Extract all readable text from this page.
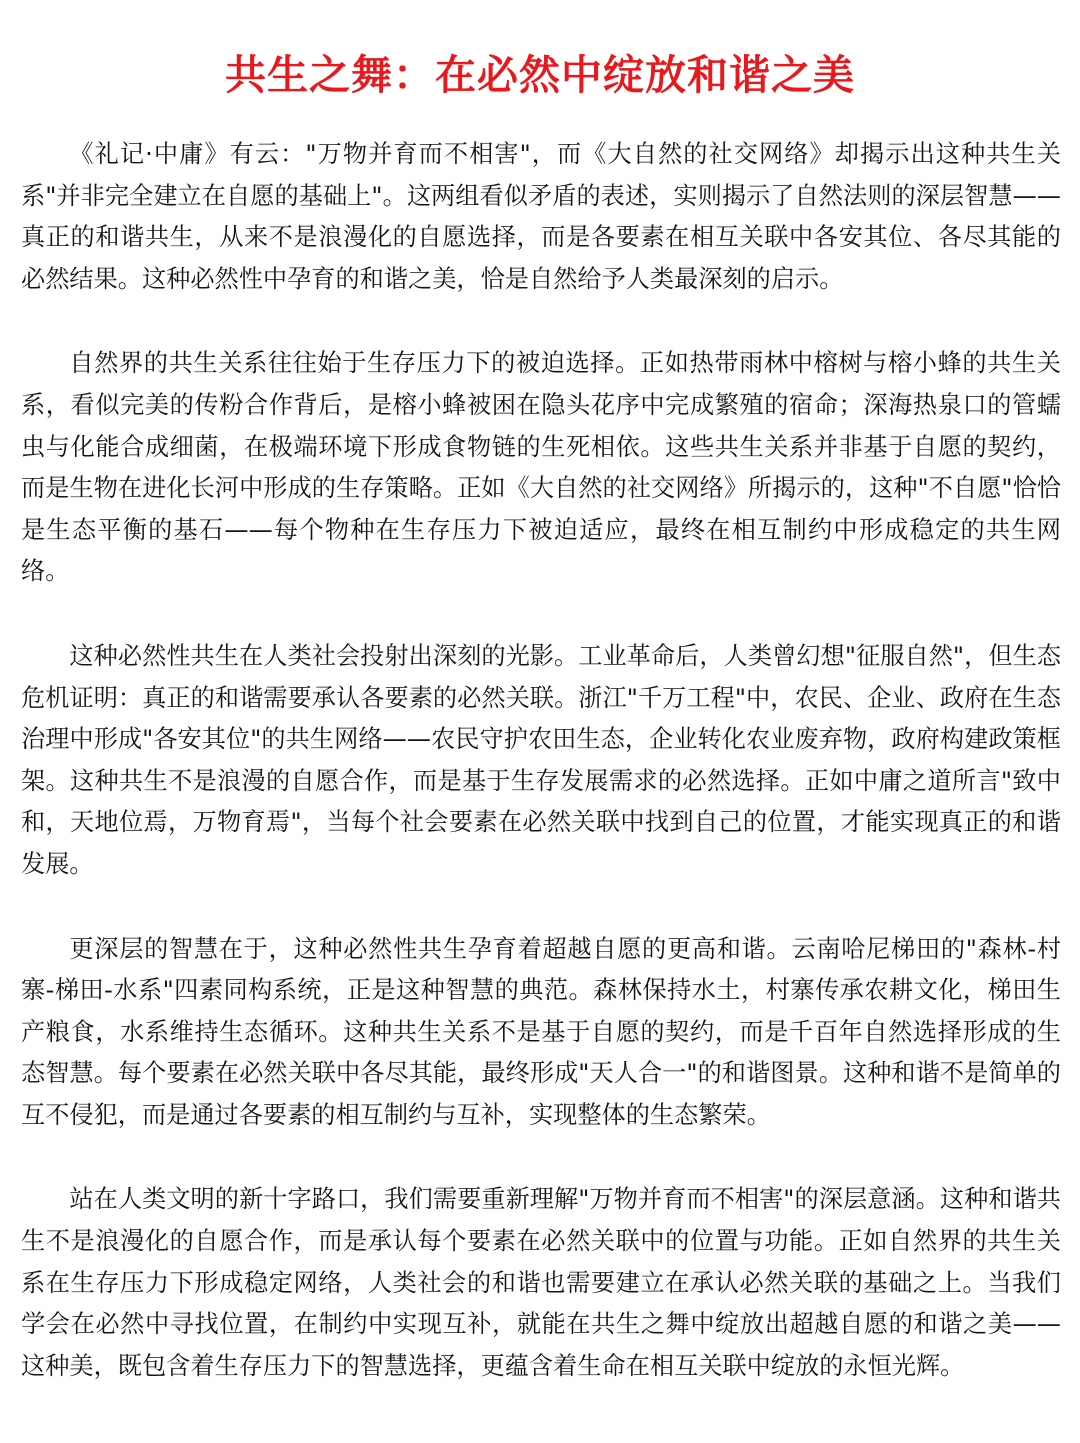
共生之舞：在必然中绽放和谐之美

《礼记·中庸》有云："万物并育而不相害"，而《大自然的社交网络》却揭示出这种共生关系"并非完全建立在自愿的基础上"。这两组看似矛盾的表述，实则揭示了自然法则的深层智慧——真正的和谐共生，从来不是浪漫化的自愿选择，而是各要素在相互关联中各安其位、各尽其能的必然结果。这种必然性中孕育的和谐之美，恰是自然给予人类最深刻的启示。

自然界的共生关系往往始于生存压力下的被迫选择。正如热带雨林中榕树与榕小蜂的共生关系，看似完美的传粉合作背后，是榕小蜂被困在隐头花序中完成繁殖的宿命；深海热泉口的管蠕虫与化能合成细菌，在极端环境下形成食物链的生死相依。这些共生关系并非基于自愿的契约，而是生物在进化长河中形成的生存策略。正如《大自然的社交网络》所揭示的，这种"不自愿"恰恰是生态平衡的基石——每个物种在生存压力下被迫适应，最终在相互制约中形成稳定的共生网络。

这种必然性共生在人类社会投射出深刻的光影。工业革命后，人类曾幻想"征服自然"，但生态危机证明：真正的和谐需要承认各要素的必然关联。浙江"千万工程"中，农民、企业、政府在生态治理中形成"各安其位"的共生网络——农民守护农田生态，企业转化农业废弃物，政府构建政策框架。这种共生不是浪漫的自愿合作，而是基于生存发展需求的必然选择。正如中庸之道所言"致中和，天地位焉，万物育焉"，当每个社会要素在必然关联中找到自己的位置，才能实现真正的和谐发展。

更深层的智慧在于，这种必然性共生孕育着超越自愿的更高和谐。云南哈尼梯田的"森林-村寨-梯田-水系"四素同构系统，正是这种智慧的典范。森林保持水土，村寨传承农耕文化，梯田生产粮食，水系维持生态循环。这种共生关系不是基于自愿的契约，而是千百年自然选择形成的生态智慧。每个要素在必然关联中各尽其能，最终形成"天人合一"的和谐图景。这种和谐不是简单的互不侵犯，而是通过各要素的相互制约与互补，实现整体的生态繁荣。

站在人类文明的新十字路口，我们需要重新理解"万物并育而不相害"的深层意涵。这种和谐共生不是浪漫化的自愿合作，而是承认每个要素在必然关联中的位置与功能。正如自然界的共生关系在生存压力下形成稳定网络，人类社会的和谐也需要建立在承认必然关联的基础之上。当我们学会在必然中寻找位置，在制约中实现互补，就能在共生之舞中绽放出超越自愿的和谐之美——这种美，既包含着生存压力下的智慧选择，更蕴含着生命在相互关联中绽放的永恒光辉。
